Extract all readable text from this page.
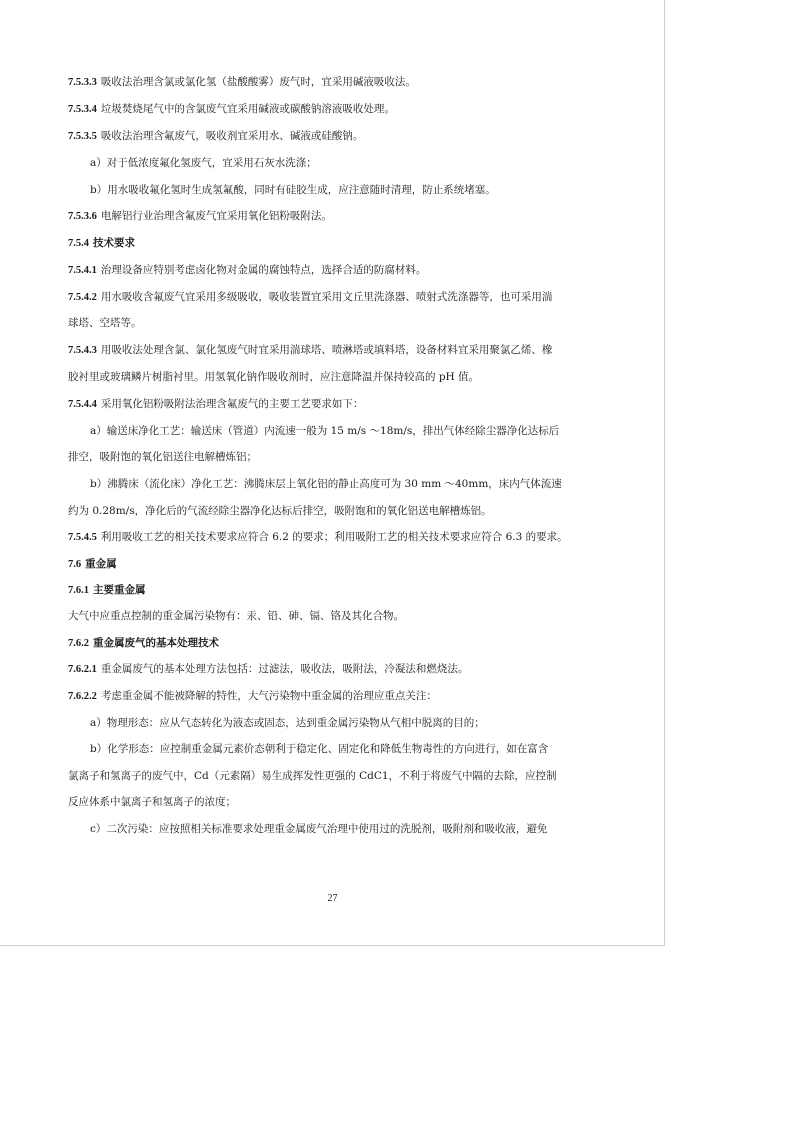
7.5.3.3 吸收法治理含氯或氯化氢（盐酸酸雾）废气时，宜采用碱液吸收法。
7.5.3.4 垃圾焚烧尾气中的含氯废气宜采用碱液或碳酸钠溶液吸收处理。
7.5.3.5 吸收法治理含氟废气，吸收剂宜采用水、碱液或硅酸钠。
a）对于低浓度氟化氢废气，宜采用石灰水洗涤；
b）用水吸收氟化氢时生成氢氟酸，同时有硅胶生成，应注意随时清理，防止系统堵塞。
7.5.3.6 电解铝行业治理含氟废气宜采用氧化铝粉吸附法。
7.5.4 技术要求
7.5.4.1 治理设备应特别考虑卤化物对金属的腐蚀特点，选择合适的防腐材料。
7.5.4.2 用水吸收含氟废气宜采用多级吸收，吸收装置宜采用文丘里洗涤器、喷射式洗涤器等，也可采用湍
球塔、空塔等。
7.5.4.3 用吸收法处理含氯、氯化氢废气时宜采用湍球塔、喷淋塔或填料塔，设备材料宜采用聚氯乙烯、橡
胶衬里或玻璃鳞片树脂衬里。用氢氧化钠作吸收剂时，应注意降温并保持较高的 pH 值。
7.5.4.4 采用氧化铝粉吸附法治理含氟废气的主要工艺要求如下：
a）输送床净化工艺：输送床（管道）内流速一般为 15 m/s ～18m/s，排出气体经除尘器净化达标后
排空，吸附饱的氧化铝送往电解槽炼铝；
b）沸腾床（流化床）净化工艺：沸腾床层上氧化铝的静止高度可为 30 mm ～40mm，床内气体流速
约为 0.28m/s，净化后的气流经除尘器净化达标后排空，吸附饱和的氧化铝送电解槽炼铝。
7.5.4.5 利用吸收工艺的相关技术要求应符合 6.2 的要求；利用吸附工艺的相关技术要求应符合 6.3 的要求。
7.6 重金属
7.6.1 主要重金属
大气中应重点控制的重金属污染物有：汞、铅、砷、镉、铬及其化合物。
7.6.2 重金属废气的基本处理技术
7.6.2.1 重金属废气的基本处理方法包括：过滤法，吸收法，吸附法，冷凝法和燃烧法。
7.6.2.2 考虑重金属不能被降解的特性，大气污染物中重金属的治理应重点关注：
a）物理形态：应从气态转化为液态或固态，达到重金属污染物从气相中脱离的目的；
b）化学形态：应控制重金属元素价态朝利于稳定化、固定化和降低生物毒性的方向进行，如在富含
氯离子和氢离子的废气中，Cd（元素隔）易生成挥发性更强的 CdC1，不利于将废气中隔的去除，应控制
反应体系中氯离子和氢离子的浓度；
c）二次污染：应按照相关标准要求处理重金属废气治理中使用过的洗脱剂，吸附剂和吸收液，避免
27
